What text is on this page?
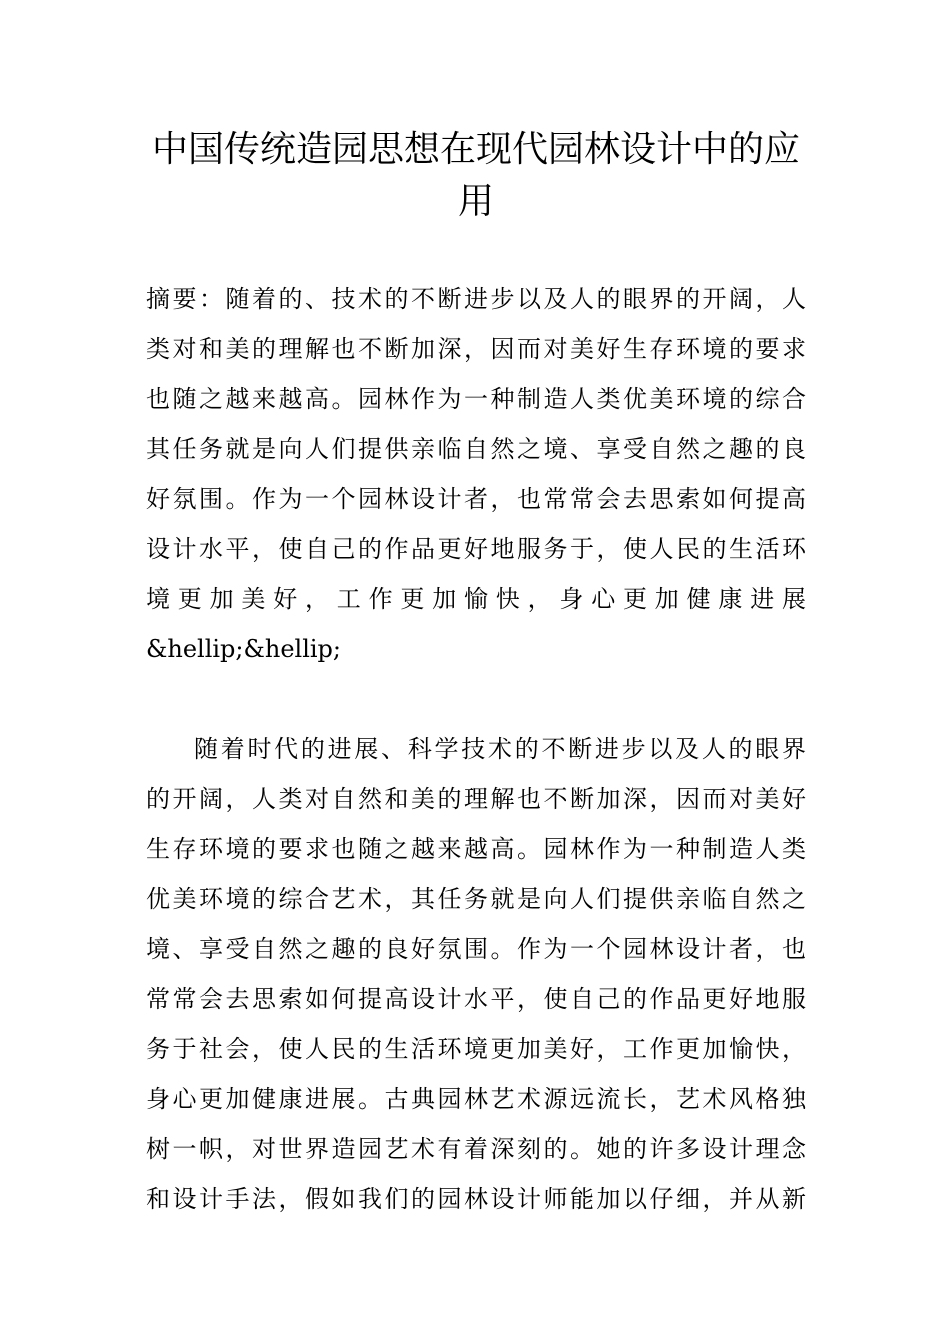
中国传统造园思想在现代园林设计中的应
用
摘要：随着的、技术的不断进步以及人的眼界的开阔，人
类对和美的理解也不断加深，因而对美好生存环境的要求
也随之越来越高。园林作为一种制造人类优美环境的综合
其任务就是向人们提供亲临自然之境、享受自然之趣的良
好氛围。作为一个园林设计者，也常常会去思索如何提高
设计水平，使自己的作品更好地服务于，使人民的生活环
境更加美好，工作更加愉快，身心更加健康进展
&hellip;&hellip;
随着时代的进展、科学技术的不断进步以及人的眼界
的开阔，人类对自然和美的理解也不断加深，因而对美好
生存环境的要求也随之越来越高。园林作为一种制造人类
优美环境的综合艺术，其任务就是向人们提供亲临自然之
境、享受自然之趣的良好氛围。作为一个园林设计者，也
常常会去思索如何提高设计水平，使自己的作品更好地服
务于社会，使人民的生活环境更加美好，工作更加愉快，
身心更加健康进展。古典园林艺术源远流长，艺术风格独
树一帜，对世界造园艺术有着深刻的。她的许多设计理念
和设计手法，假如我们的园林设计师能加以仔细，并从新
